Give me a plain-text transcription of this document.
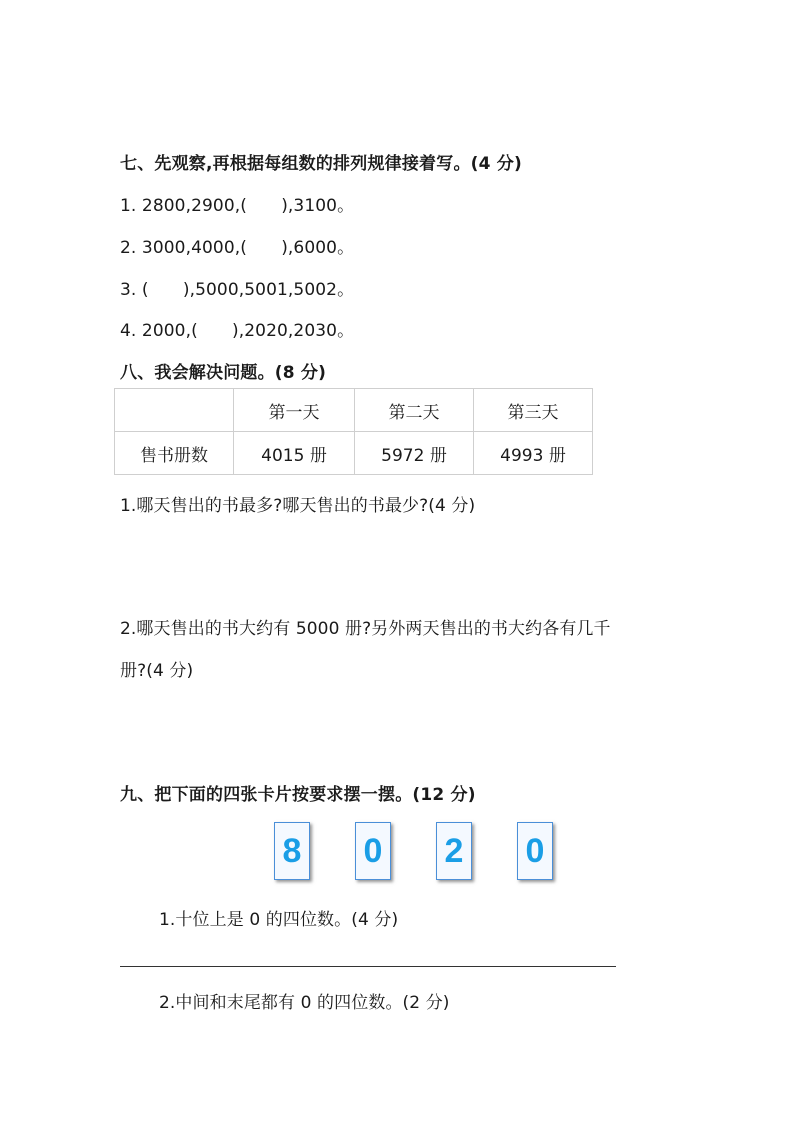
七、先观察,再根据每组数的排列规律接着写。(4 分)
1. 2800,2900,(　　),3100。
2. 3000,4000,(　　),6000。
3. (　　),5000,5001,5002。
4. 2000,(　　),2020,2030。
八、我会解决问题。(8 分)
	第一天	第二天	第三天
售书册数	4015 册	5972 册	4993 册
1.哪天售出的书最多?哪天售出的书最少?(4 分)
2.哪天售出的书大约有 5000 册?另外两天售出的书大约各有几千
册?(4 分)
九、把下面的四张卡片按要求摆一摆。(12 分)
8 0 2 0
1.十位上是 0 的四位数。(4 分)
2.中间和末尾都有 0 的四位数。(2 分)
